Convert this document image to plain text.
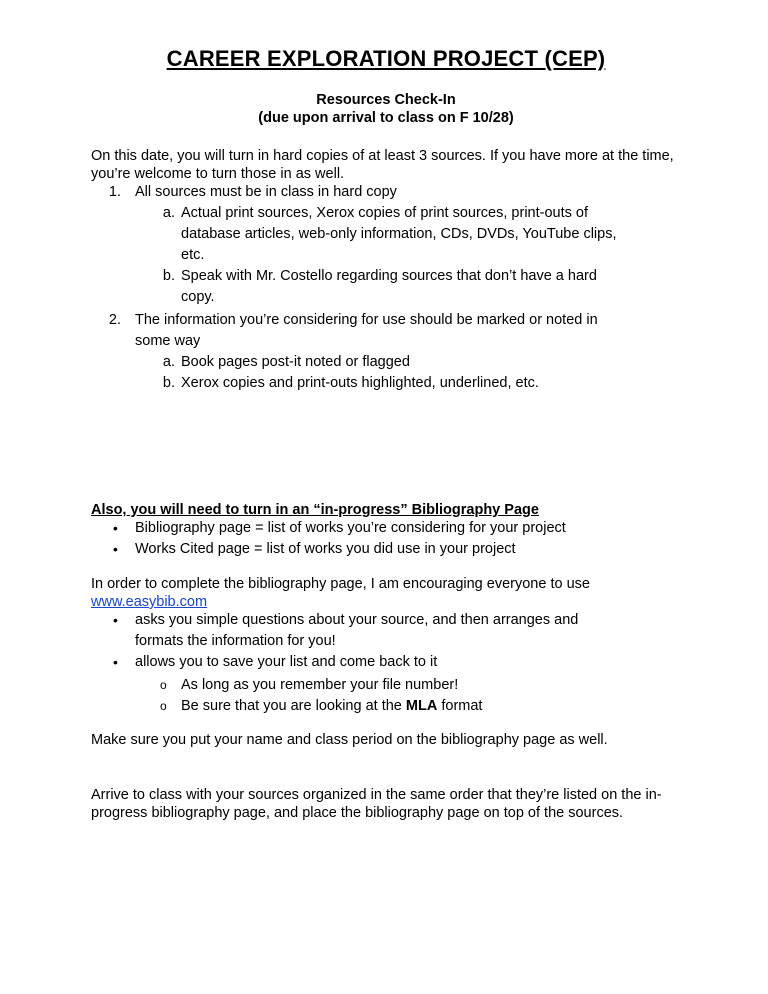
CAREER EXPLORATION PROJECT (CEP)
Resources Check-In
(due upon arrival to class on F 10/28)
On this date, you will turn in hard copies of at least 3 sources. If you have more at the time, you’re welcome to turn those in as well.
1. All sources must be in class in hard copy
a. Actual print sources, Xerox copies of print sources, print-outs of
database articles, web-only information, CDs, DVDs, YouTube clips,
etc.
b. Speak with Mr. Costello regarding sources that don’t have a hard
copy.
2. The information you’re considering for use should be marked or noted in
some way
a. Book pages post-it noted or flagged
b. Xerox copies and print-outs highlighted, underlined, etc.
Also, you will need to turn in an “in-progress” Bibliography Page
• Bibliography page = list of works you’re considering for your project
• Works Cited page = list of works you did use in your project
In order to complete the bibliography page, I am encouraging everyone to use
www.easybib.com
• asks you simple questions about your source, and then arranges and
formats the information for you!
• allows you to save your list and come back to it
o As long as you remember your file number!
o Be sure that you are looking at the MLA format
Make sure you put your name and class period on the bibliography page as well.
Arrive to class with your sources organized in the same order that they’re listed on the in-progress bibliography page, and place the bibliography page on top of the sources.
